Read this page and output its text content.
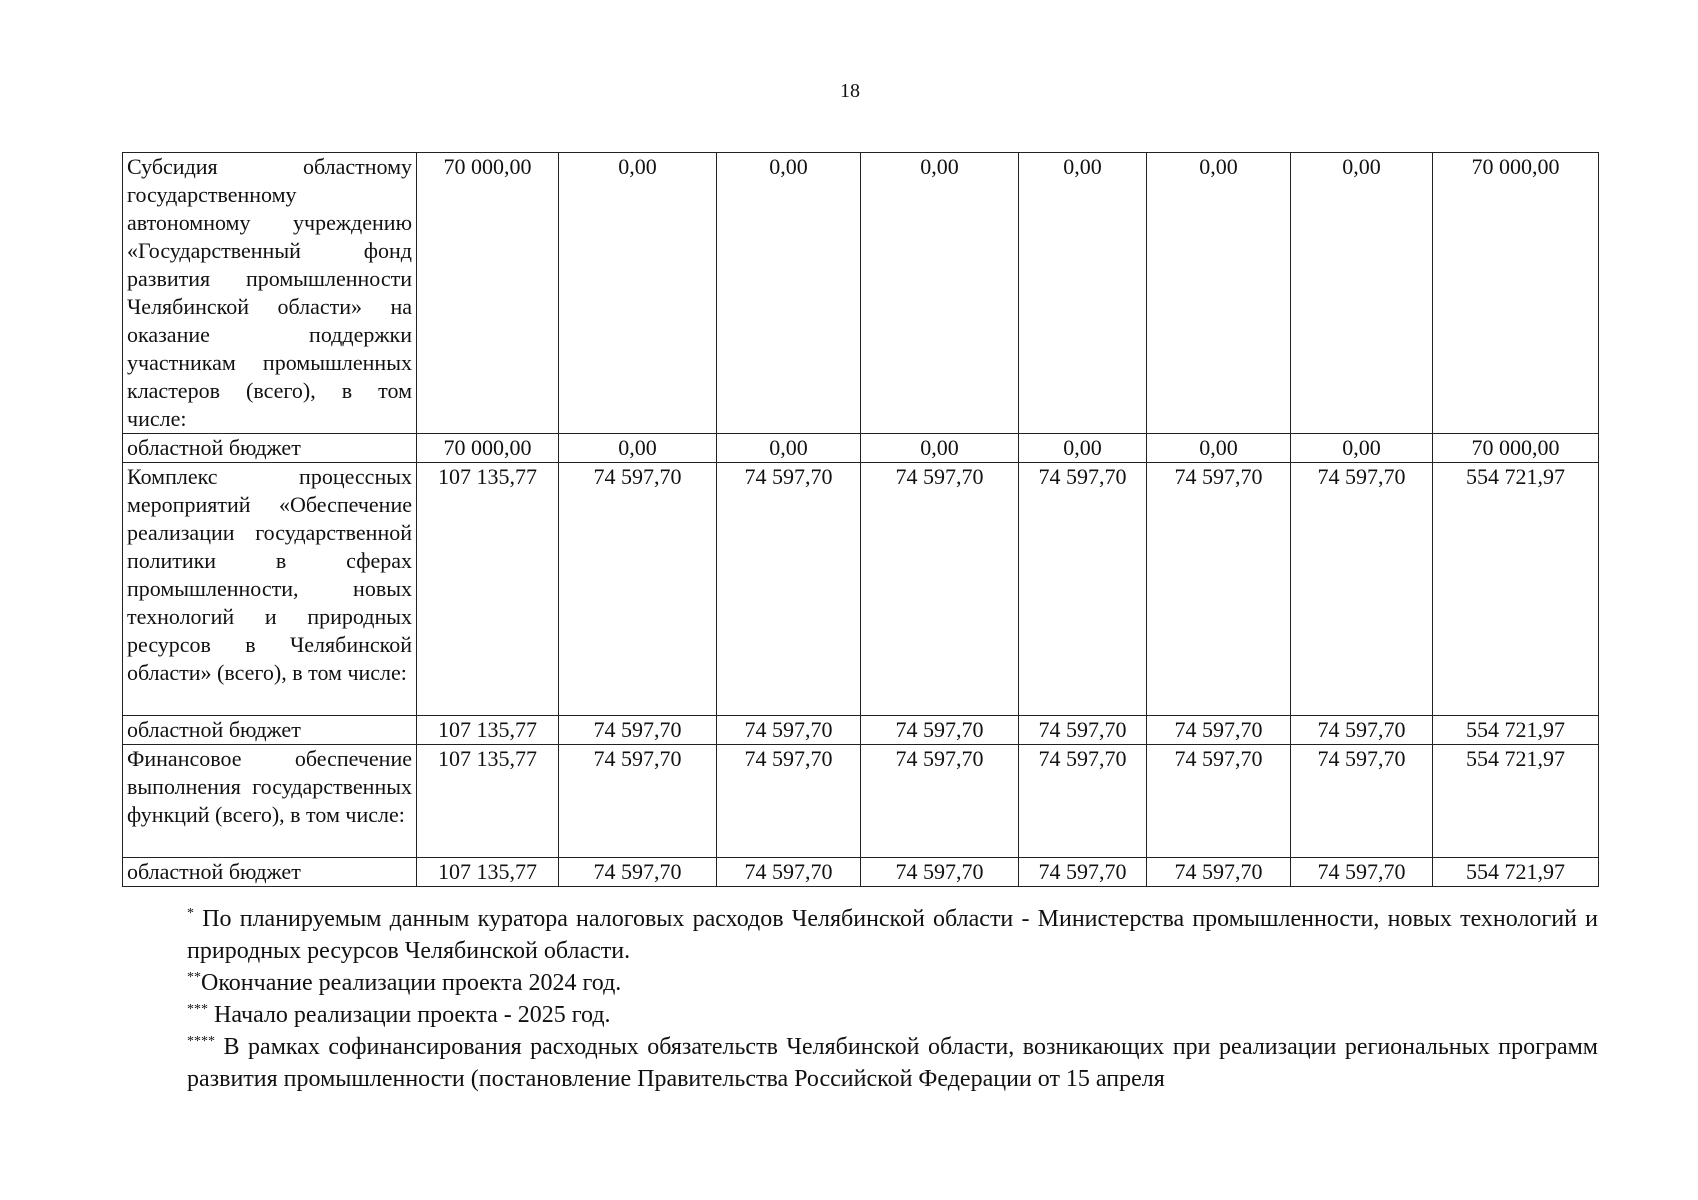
18
Субсидия областному государственному автономному учреждению «Государственный фонд развития промышленности Челябинской области» на оказание поддержки участникам промышленных кластеров (всего), в том числе:	70 000,00	0,00	0,00	0,00	0,00	0,00	0,00	70 000,00
областной бюджет	70 000,00	0,00	0,00	0,00	0,00	0,00	0,00	70 000,00
Комплекс процессных мероприятий «Обеспечение реализации государственной политики в сферах промышленности, новых технологий и природных ресурсов в Челябинской области» (всего), в том числе:	107 135,77	74 597,70	74 597,70	74 597,70	74 597,70	74 597,70	74 597,70	554 721,97
областной бюджет	107 135,77	74 597,70	74 597,70	74 597,70	74 597,70	74 597,70	74 597,70	554 721,97
Финансовое обеспечение выполнения государственных функций (всего), в том числе:	107 135,77	74 597,70	74 597,70	74 597,70	74 597,70	74 597,70	74 597,70	554 721,97
областной бюджет	107 135,77	74 597,70	74 597,70	74 597,70	74 597,70	74 597,70	74 597,70	554 721,97

* По планируемым данным куратора налоговых расходов Челябинской области - Министерства промышленности, новых технологий и природных ресурсов Челябинской области.

**Окончание реализации проекта 2024 год.

*** Начало реализации проекта - 2025 год.

**** В рамках софинансирования расходных обязательств Челябинской области, возникающих при реализации региональных программ развития промышленности (постановление Правительства Российской Федерации от 15 апреля
